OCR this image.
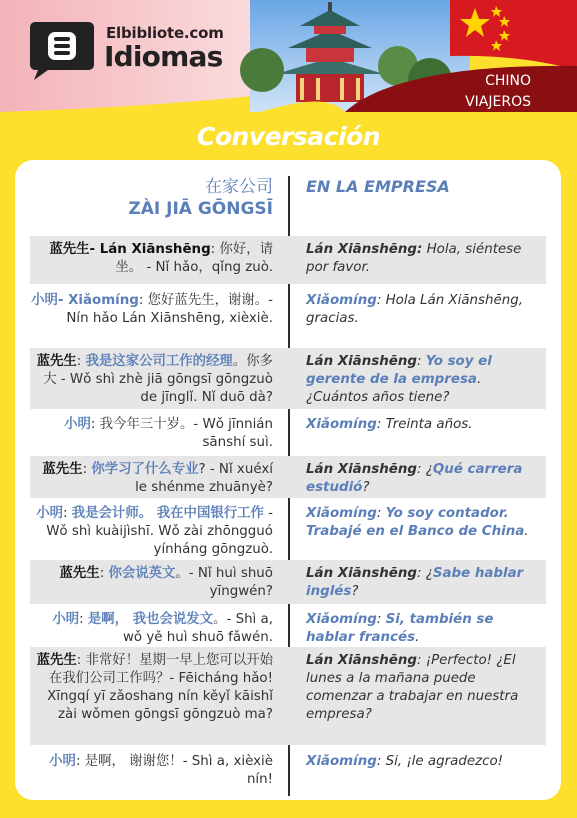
Elbibliote.com
Idiomas
CHINO
VIAJEROS
Conversación
在家公司
ZÀI JIĀ GŌNGSĪ
EN LA EMPRESA
蓝先生- Lán Xiānshēng: 你好，请坐。 - Nǐ hǎo，qǐng zuò.
Lán Xiānshēng: Hola, siéntese por favor.
小明- Xiǎomíng: 您好蓝先生，谢谢。- Nín hǎo Lán Xiānshēng, xièxiè.
Xiǎomíng: Hola Lán Xiānshēng, gracias.
蓝先生: 我是这家公司工作的经理。你多大 - Wǒ shì zhè jiā gōngsī gōngzuò de jīnglǐ. Nǐ duō dà?
Lán Xiānshēng: Yo soy el gerente de la empresa. ¿Cuántos años tiene?
小明: 我今年三十岁。- Wǒ jīnnián sānshí suì.
Xiǎomíng: Treinta años.
蓝先生: 你学习了什么专业? - Nǐ xuéxí le shénme zhuānyè?
Lán Xiānshēng: ¿Qué carrera estudió?
小明: 我是会计师。 我在中国银行工作 -Wǒ shì kuàijìshī. Wǒ zài zhōngguó yínháng gōngzuò.
Xiǎomíng: Yo soy contador. Trabajé en el Banco de China.
蓝先生: 你会说英文。- Nǐ huì shuō yīngwén?
Lán Xiānshēng: ¿Sabe hablar inglés?
小明: 是啊， 我也会说发文。- Shì a, wǒ yě huì shuō fǎwén.
Xiǎomíng: Si, también se hablar francés.
蓝先生: 非常好！星期一早上您可以开始在我们公司工作吗？- Fēicháng hǎo! Xīngqí yī zǎoshang nín kěyǐ kāishǐ zài wǒmen gōngsī gōngzuò ma?
Lán Xiānshēng: ¡Perfecto! ¿El lunes a la mañana puede comenzar a trabajar en nuestra empresa?
小明: 是啊， 谢谢您！- Shì a, xièxiè nín!
Xiǎomíng: Si, ¡le agradezco!
